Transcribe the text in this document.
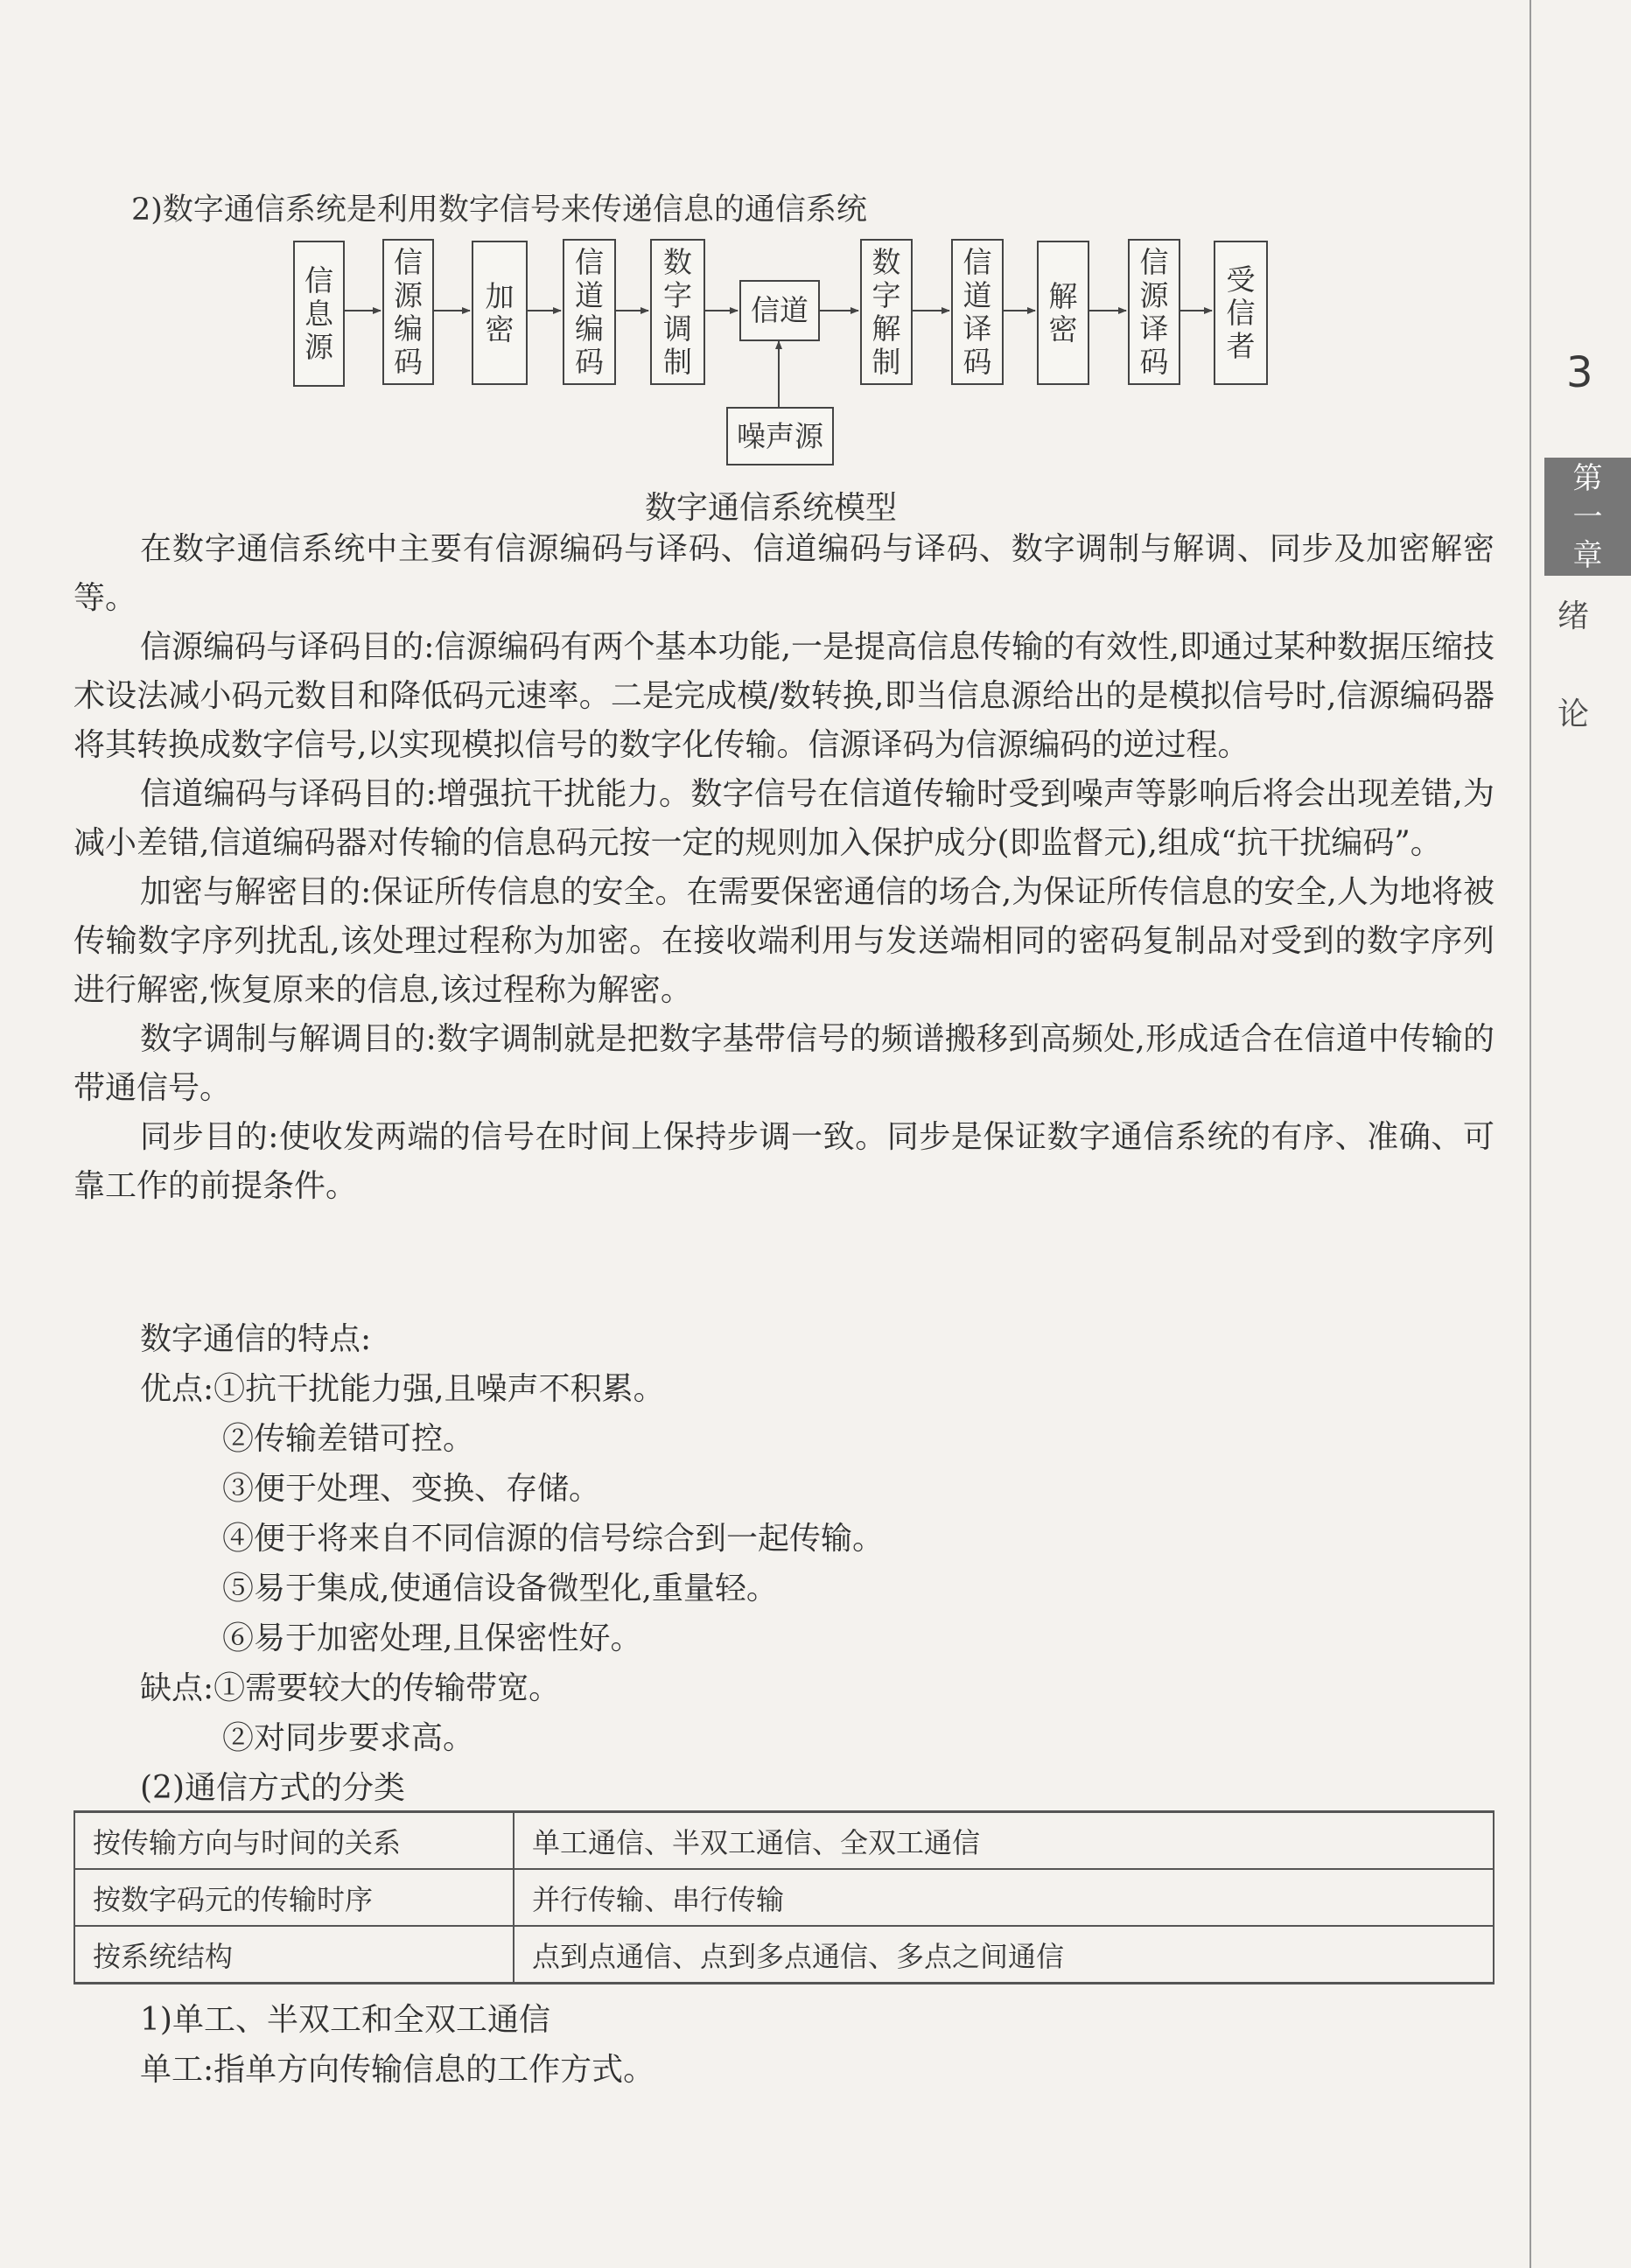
3
第
一
章
绪
论
2)数字通信系统是利用数字信号来传递信息的通信系统
信息源
信源编码
加密
信道编码
数字调制
信道
数字解制
信道译码
解密
信源译码
受信者
噪声源
数字通信系统模型

在数字通信系统中主要有信源编码与译码、信道编码与译码、数字调制与解调、同步及加密解密等。

信源编码与译码目的:信源编码有两个基本功能,一是提高信息传输的有效性,即通过某种数据压缩技术设法减小码元数目和降低码元速率。二是完成模/数转换,即当信息源给出的是模拟信号时,信源编码器将其转换成数字信号,以实现模拟信号的数字化传输。信源译码为信源编码的逆过程。

信道编码与译码目的:增强抗干扰能力。数字信号在信道传输时受到噪声等影响后将会出现差错,为减小差错,信道编码器对传输的信息码元按一定的规则加入保护成分(即监督元),组成“抗干扰编码”。

加密与解密目的:保证所传信息的安全。在需要保密通信的场合,为保证所传信息的安全,人为地将被传输数字序列扰乱,该处理过程称为加密。在接收端利用与发送端相同的密码复制品对受到的数字序列进行解密,恢复原来的信息,该过程称为解密。

数字调制与解调目的:数字调制就是把数字基带信号的频谱搬移到高频处,形成适合在信道中传输的带通信号。

同步目的:使收发两端的信号在时间上保持步调一致。同步是保证数字通信系统的有序、准确、可靠工作的前提条件。

数字通信的特点:
优点:①抗干扰能力强,且噪声不积累。
②传输差错可控。
③便于处理、变换、存储。
④便于将来自不同信源的信号综合到一起传输。
⑤易于集成,使通信设备微型化,重量轻。
⑥易于加密处理,且保密性好。
缺点:①需要较大的传输带宽。
②对同步要求高。
(2)通信方式的分类
按传输方向与时间的关系	单工通信、半双工通信、全双工通信
按数字码元的传输时序	并行传输、串行传输
按系统结构	点到点通信、点到多点通信、多点之间通信
1)单工、半双工和全双工通信
单工:指单方向传输信息的工作方式。
